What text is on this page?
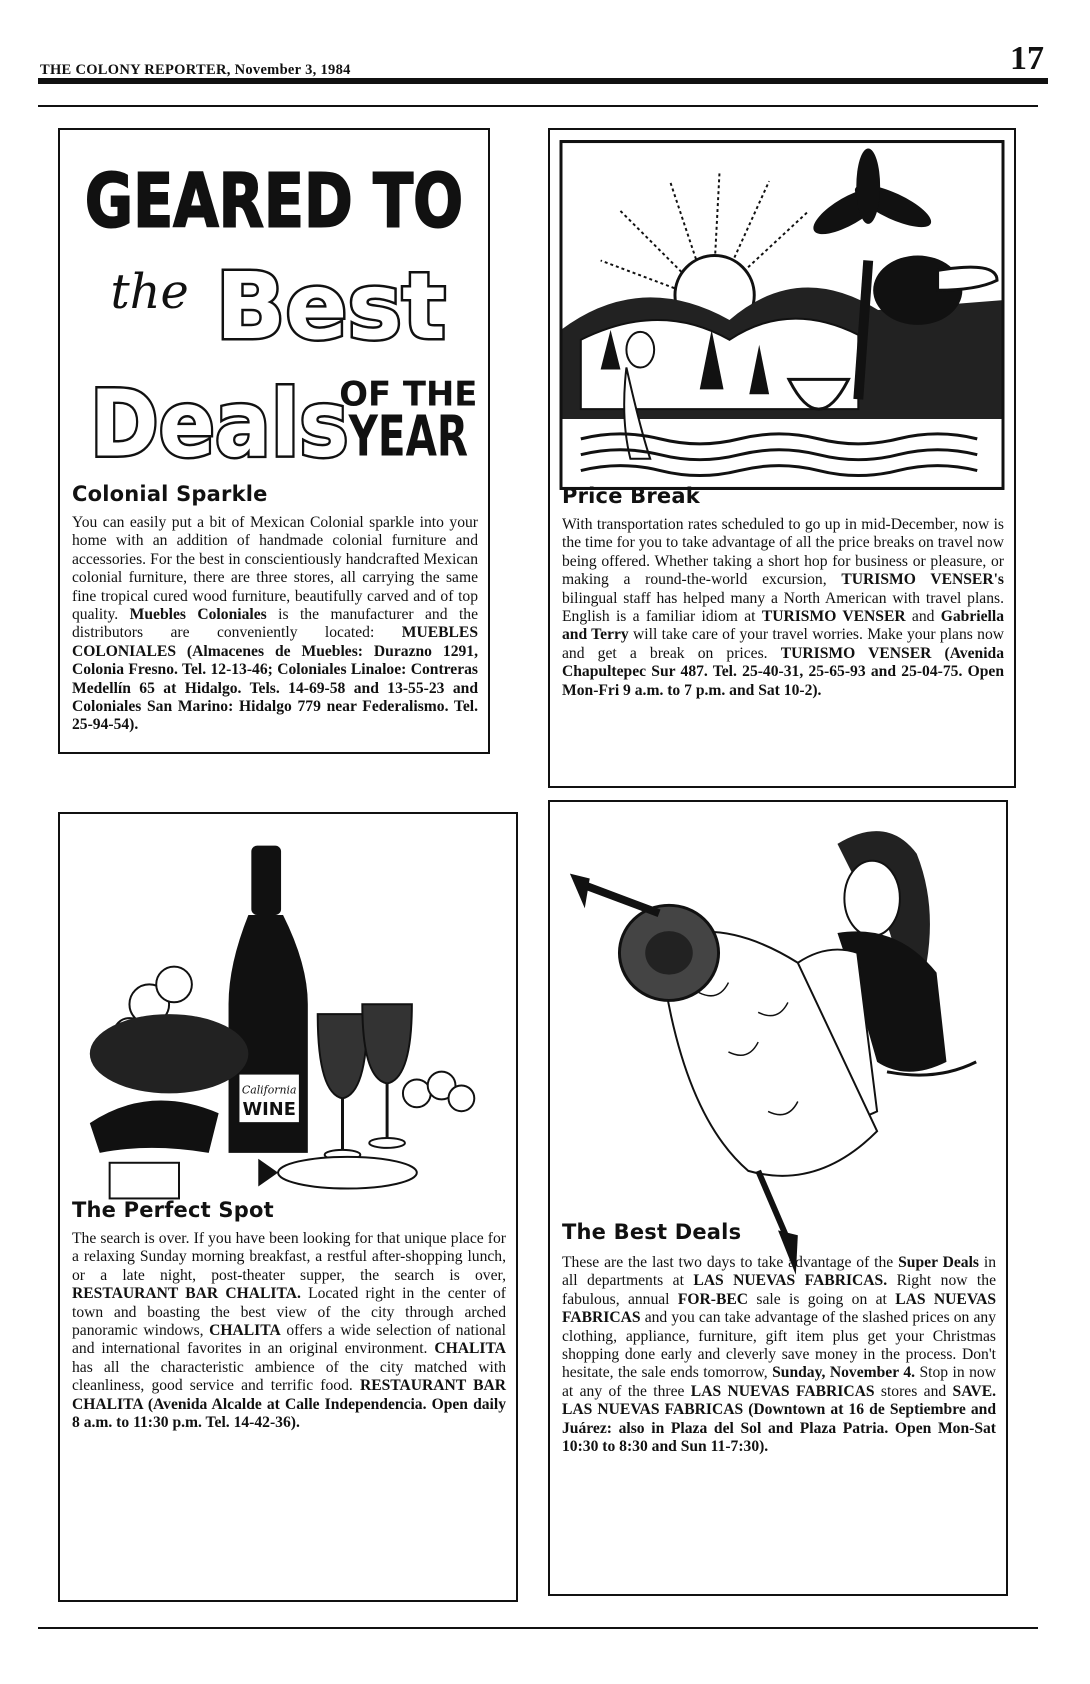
THE COLONY REPORTER, November 3, 1984	17
GEARED TO
the Best
Deals
OF THE
YEAR
Colonial Sparkle
You can easily put a bit of Mexican Colonial sparkle into your home with an addition of handmade colonial furniture and accessories. For the best in conscientiously handcrafted Mexican colonial furniture, there are three stores, all carrying the same fine tropical cured wood furniture, beautifully carved and of top quality. Muebles Coloniales is the manufacturer and the distributors are conveniently located: MUEBLES COLONIALES (Almacenes de Muebles: Durazno 1291, Colonia Fresno. Tel. 12-13-46; Coloniales Linaloe: Contreras Medellín 65 at Hidalgo. Tels. 14-69-58 and 13-55-23 and Coloniales San Marino: Hidalgo 779 near Federalismo. Tel. 25-94-54).
Price Break
With transportation rates scheduled to go up in mid-December, now is the time for you to take advantage of all the price breaks on travel now being offered. Whether taking a short hop for business or pleasure, or making a round-the-world excursion, TURISMO VENSER's bilingual staff has helped many a North American with travel plans. English is a familiar idiom at TURISMO VENSER and Gabriella and Terry will take care of your travel worries. Make your plans now and get a break on prices. TURISMO VENSER (Avenida Chapultepec Sur 487. Tel. 25-40-31, 25-65-93 and 25-04-75. Open Mon-Fri 9 a.m. to 7 p.m. and Sat 10-2).
California
WINE
The Perfect Spot
The search is over. If you have been looking for that unique place for a relaxing Sunday morning breakfast, a restful after-shopping lunch, or a late night, post-theater supper, the search is over, RESTAURANT BAR CHALITA. Located right in the center of town and boasting the best view of the city through arched panoramic windows, CHALITA offers a wide selection of national and international favorites in an original environment. CHALITA has all the characteristic ambience of the city matched with cleanliness, good service and terrific food. RESTAURANT BAR CHALITA (Avenida Alcalde at Calle Independencia. Open daily 8 a.m. to 11:30 p.m. Tel. 14-42-36).
The Best Deals
These are the last two days to take advantage of the Super Deals in all departments at LAS NUEVAS FABRICAS. Right now the fabulous, annual FOR-BEC sale is going on at LAS NUEVAS FABRICAS and you can take advantage of the slashed prices on any clothing, appliance, furniture, gift item plus get your Christmas shopping done early and cleverly save money in the process. Don't hesitate, the sale ends tomorrow, Sunday, November 4. Stop in now at any of the three LAS NUEVAS FABRICAS stores and SAVE. LAS NUEVAS FABRICAS (Downtown at 16 de Septiembre and Juárez: also in Plaza del Sol and Plaza Patria. Open Mon-Sat 10:30 to 8:30 and Sun 11-7:30).
